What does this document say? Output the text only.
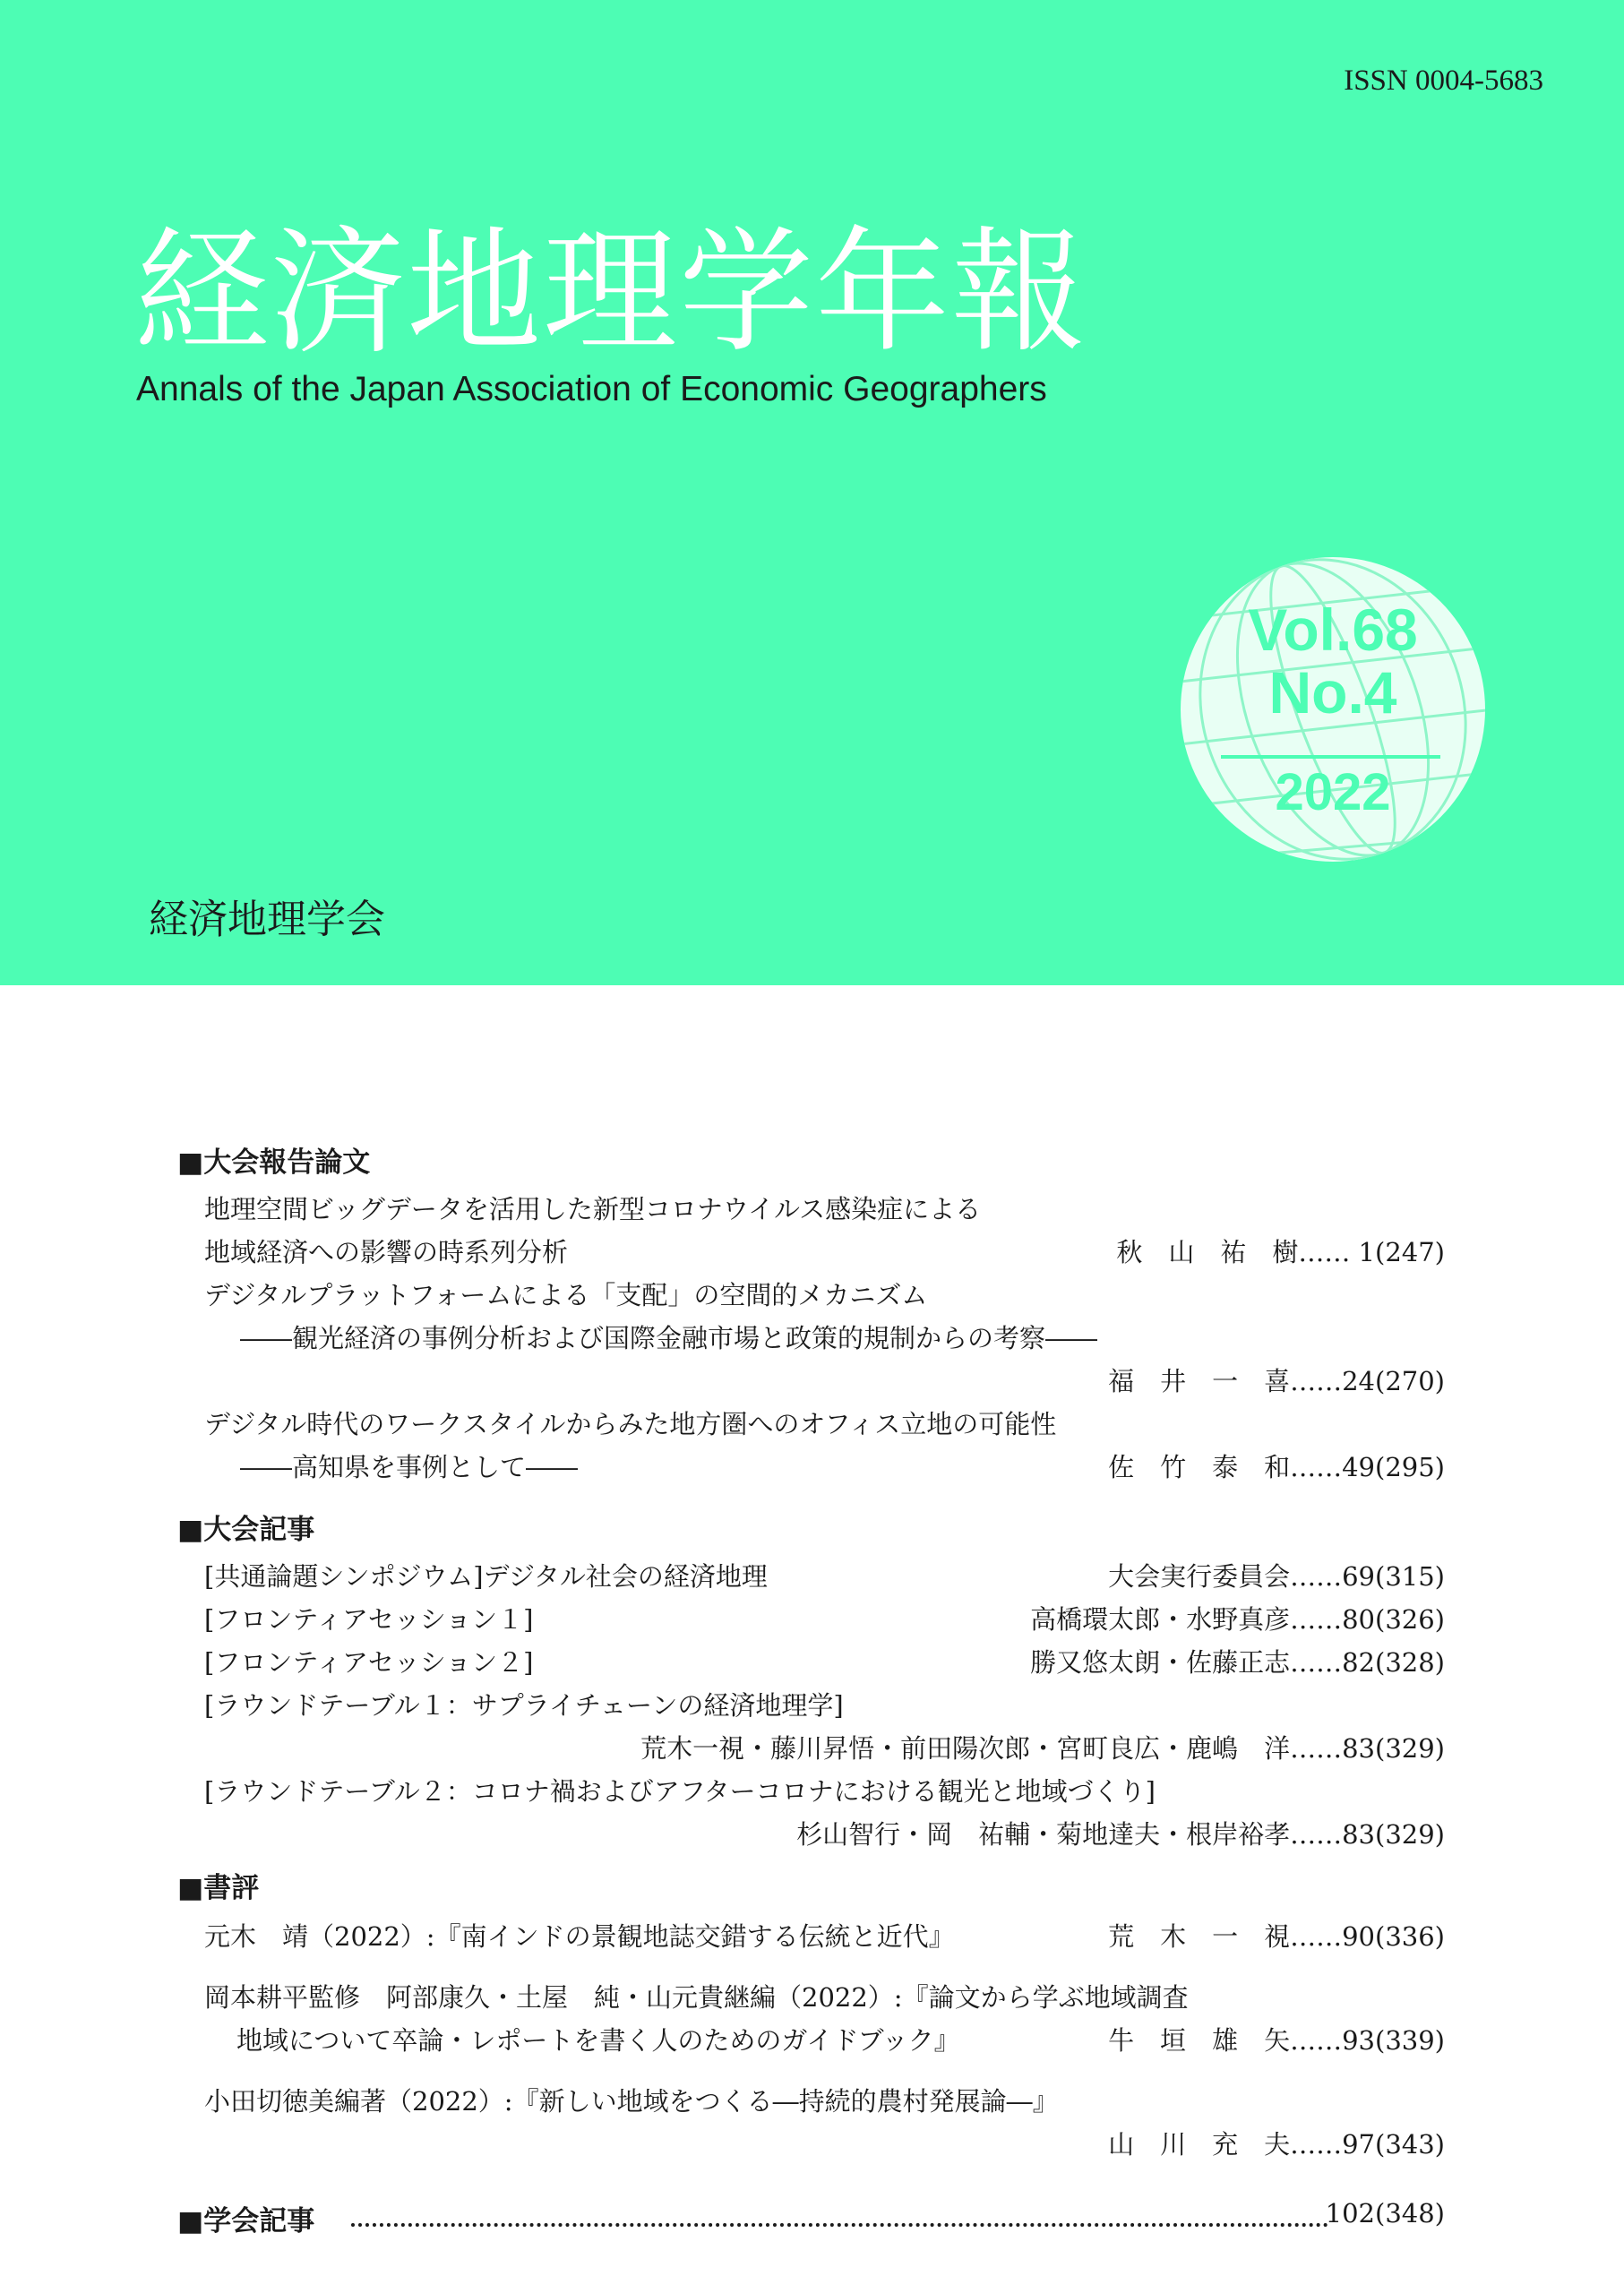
ISSN 0004-5683
経済地理学年報
Annals of the Japan Association of Economic Geographers
Vol.68
No.4
2022
経済地理学会
■大会報告論文
地理空間ビッグデータを活用した新型コロナウイルス感染症による
地域経済への影響の時系列分析	秋　山　祐　樹…… 1(247)
デジタルプラットフォームによる「支配」の空間的メカニズム
――観光経済の事例分析および国際金融市場と政策的規制からの考察――
福　井　一　喜……24(270)
デジタル時代のワークスタイルからみた地方圏へのオフィス立地の可能性
――高知県を事例として――	佐　竹　泰　和……49(295)
■大会記事
[共通論題シンポジウム]デジタル社会の経済地理	大会実行委員会……69(315)
[フロンティアセッション１]	高橋環太郎・水野真彦……80(326)
[フロンティアセッション２]	勝又悠太朗・佐藤正志……82(328)
[ラウンドテーブル１：サプライチェーンの経済地理学]
荒木一視・藤川昇悟・前田陽次郎・宮町良広・鹿嶋　洋……83(329)
[ラウンドテーブル２：コロナ禍およびアフターコロナにおける観光と地域づくり]
杉山智行・岡　祐輔・菊地達夫・根岸裕孝……83(329)
■書評
元木　靖（2022）:『南インドの景観地誌交錯する伝統と近代』	荒　木　一　視……90(336)
岡本耕平監修　阿部康久・土屋　純・山元貴継編（2022）:『論文から学ぶ地域調査
地域について卒論・レポートを書く人のためのガイドブック』	牛　垣　雄　矢……93(339)
小田切徳美編著（2022）:『新しい地域をつくる―持続的農村発展論―』
山　川　充　夫……97(343)
■学会記事	102(348)
